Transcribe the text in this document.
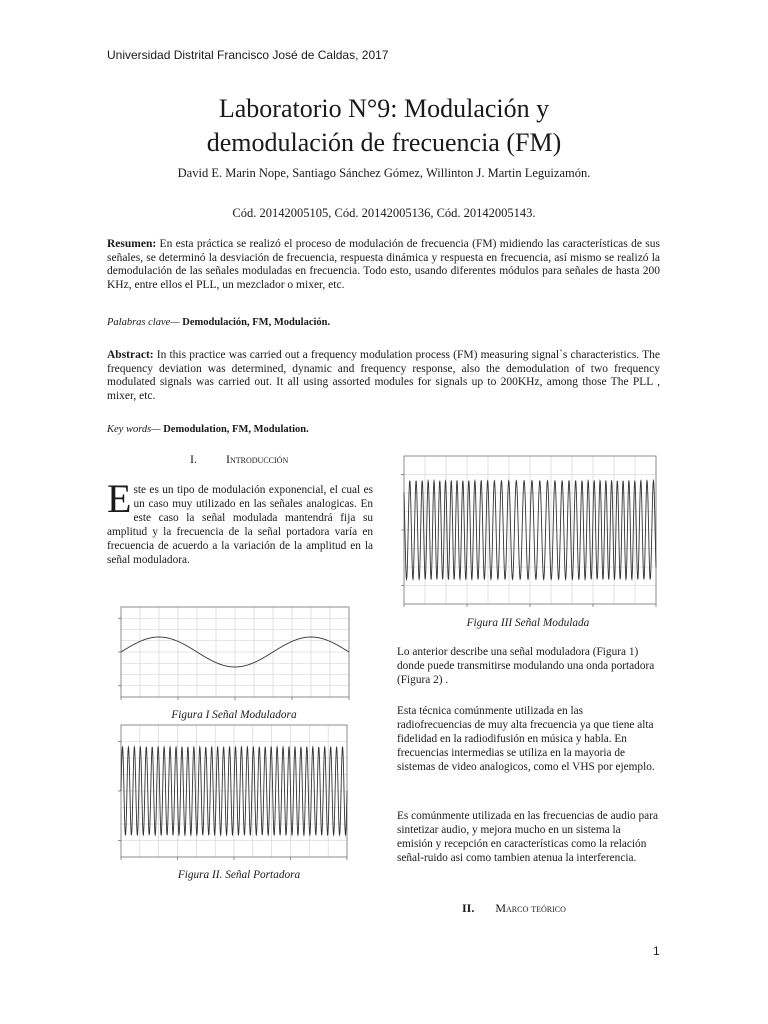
Universidad Distrital Francisco José de Caldas, 2017
Laboratorio N°9: Modulación y
demodulación de frecuencia (FM)
David E. Marin Nope, Santiago Sánchez Gómez, Willinton J. Martin Leguizamón.
Cód. 20142005105, Cód. 20142005136, Cód. 20142005143.
Resumen: En esta práctica se realizó el proceso de modulación de frecuencia (FM) midiendo las características de sus señales, se determinó la desviación de frecuencia, respuesta dinámica y respuesta en frecuencia, así mismo se realizó la demodulación de las señales moduladas en frecuencia. Todo esto, usando diferentes módulos para señales de hasta 200 KHz, entre ellos el PLL, un mezclador o mixer, etc.
Palabras clave— Demodulación, FM, Modulación.
Abstract: In this practice was carried out a frequency modulation process (FM) measuring signal`s characteristics. The frequency deviation was determined, dynamic and frequency response, also the demodulation of two frequency modulated signals was carried out. It all using assorted modules for signals up to 200KHz, among those The PLL , mixer, etc.
Key words— Demodulation, FM, Modulation.
I. Introducción
Este es un tipo de modulación exponencial, el cual es un caso muy utilizado en las señales analogicas. En este caso la señal modulada mantendrá fija su amplitud y la frecuencia de la señal portadora varía en frecuencia de acuerdo a la variación de la amplitud en la señal moduladora.
Figura I Señal Moduladora
Figura II. Señal Portadora
Figura III Señal Modulada
Lo anterior describe una señal moduladora (Figura 1) donde puede transmitirse modulando una onda portadora (Figura 2) .
Esta técnica comúnmente utilizada en las radiofrecuencias de muy alta frecuencia ya que tiene alta fidelidad en la radiodifusión en música y habla. En frecuencias intermedias se utiliza en la mayoria de sistemas de video analogicos, como el VHS por ejemplo.
Es comúnmente utilizada en las frecuencias de audio para sintetizar audio, y mejora mucho en un sistema la emisión y recepción en características como la relación señal-ruido asi como tambien atenua la interferencia.
II. Marco teórico
1
